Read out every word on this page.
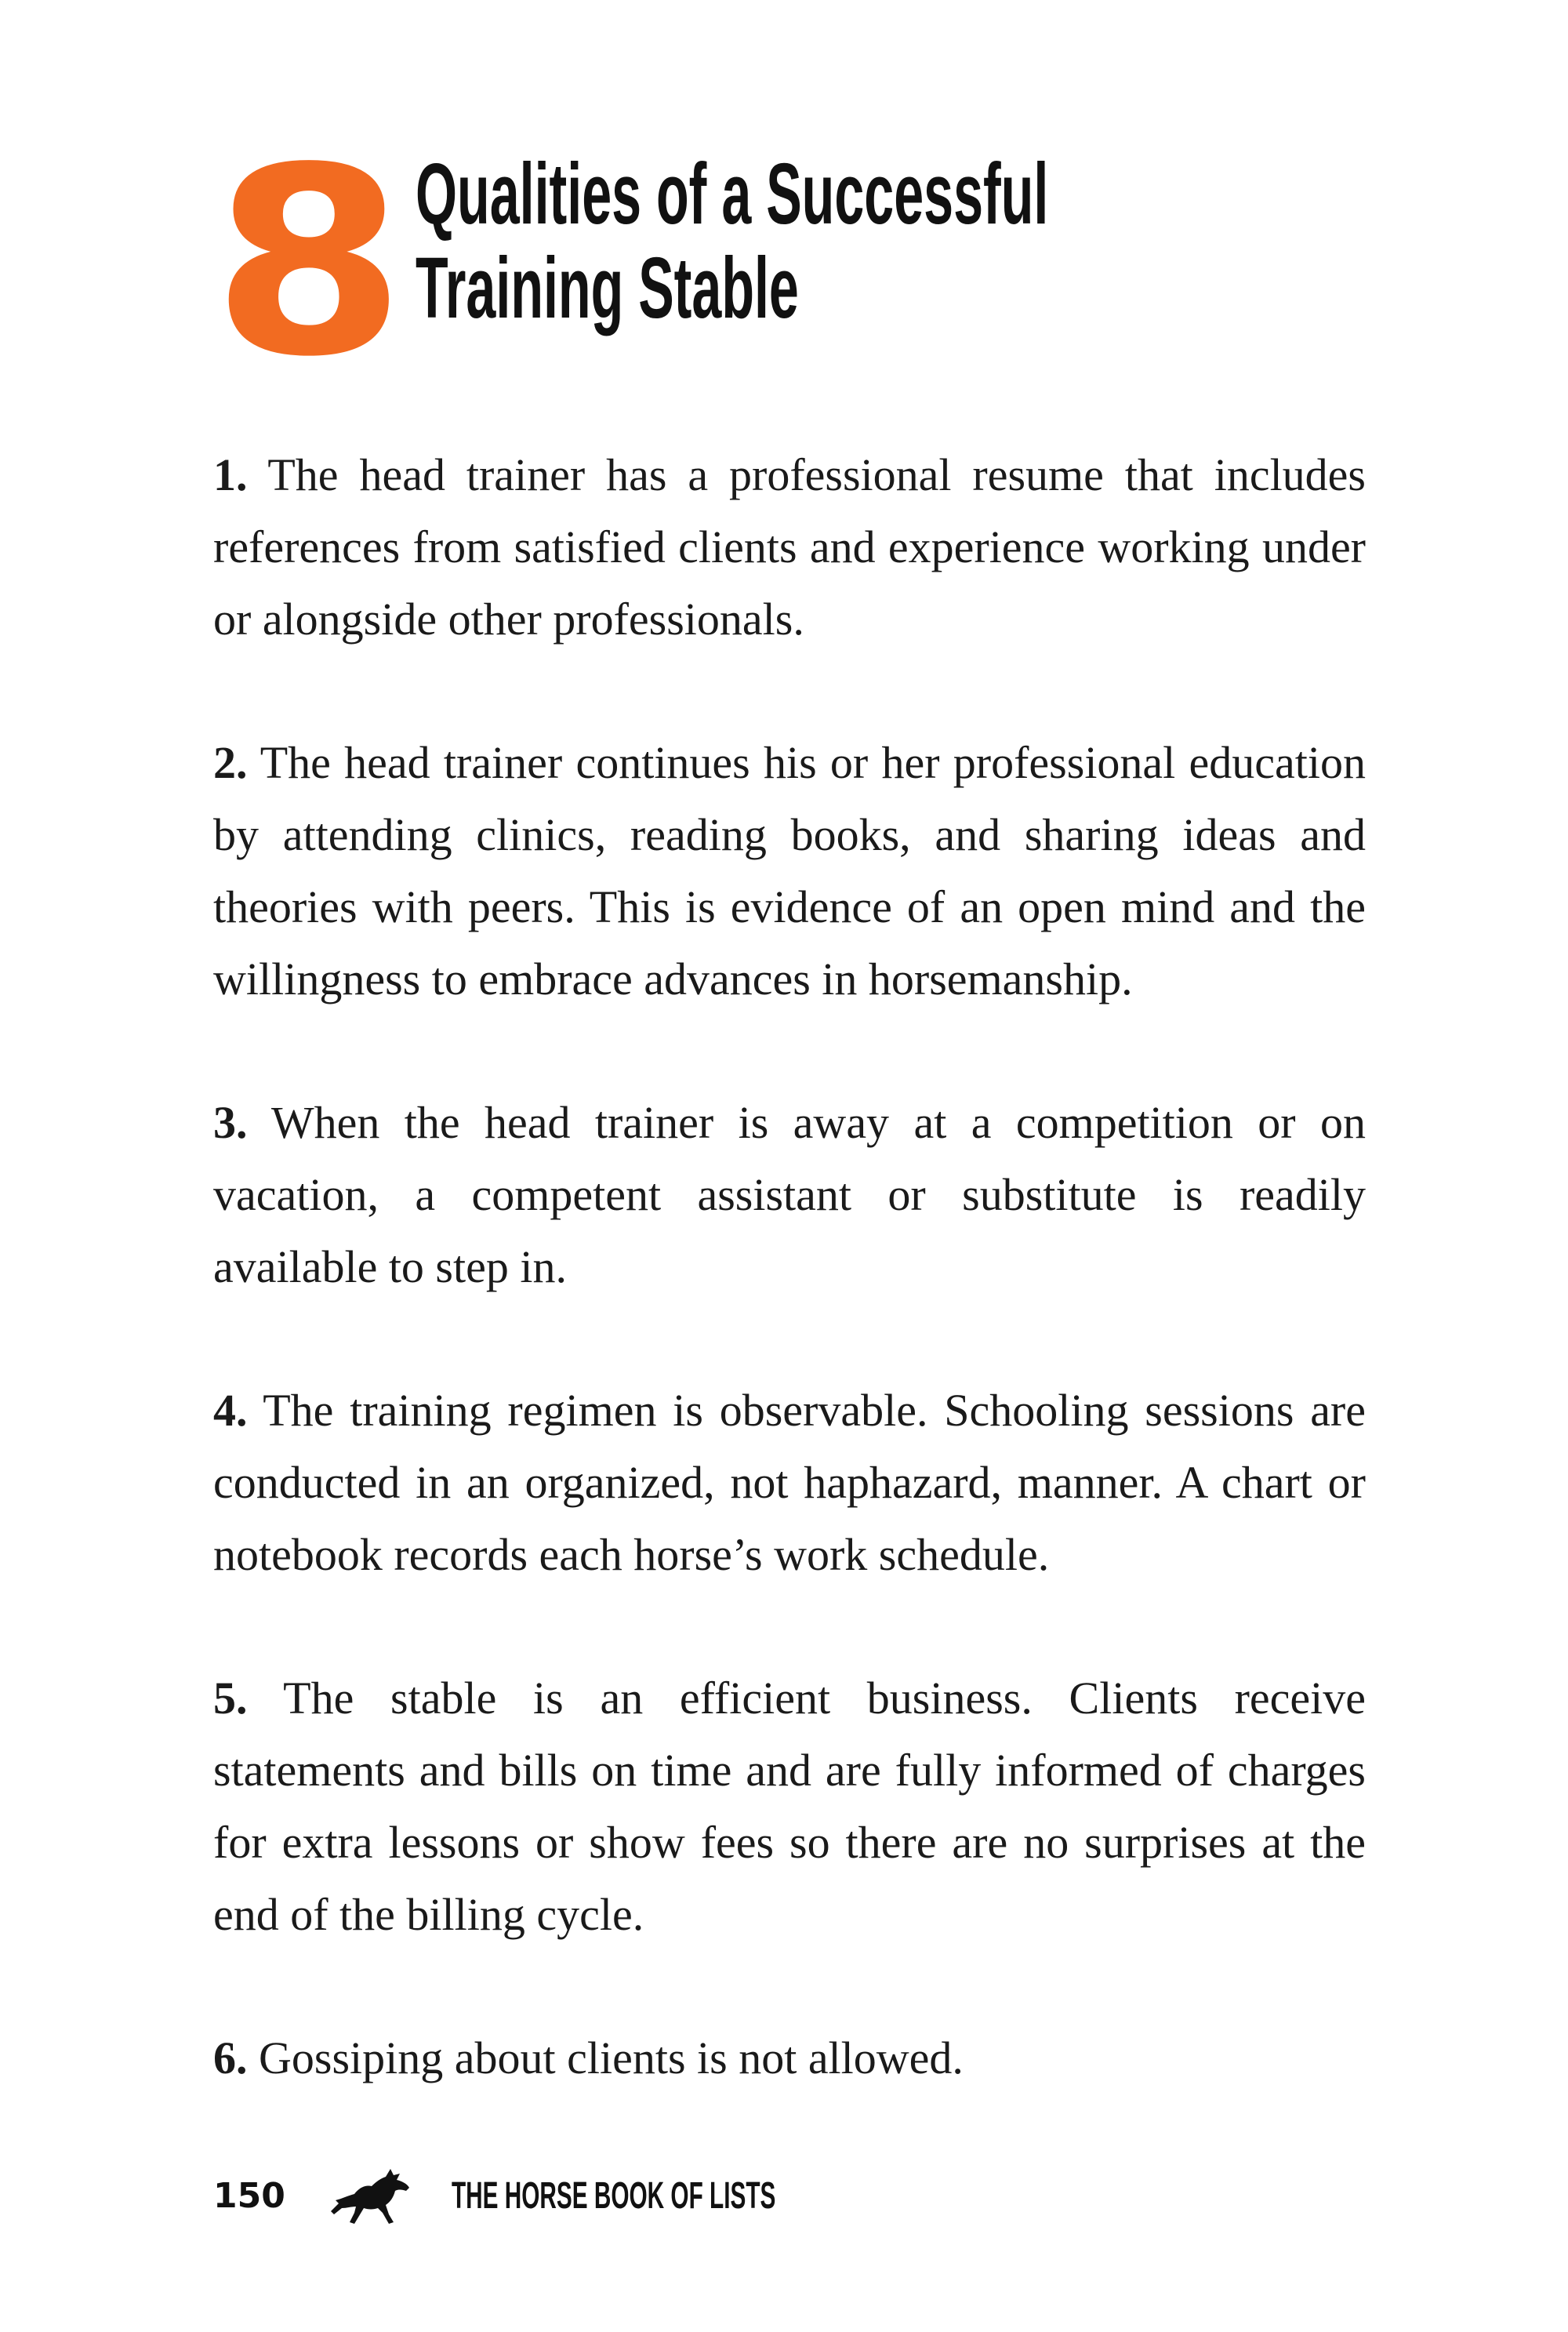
8 Qualities of a Successful
Training Stable
1. The head trainer has a professional resume that includes references from satisfied clients and experience working under or alongside other professionals.
2. The head trainer continues his or her professional education by attending clinics, reading books, and sharing ideas and theories with peers. This is evidence of an open mind and the willingness to embrace advances in horsemanship.
3. When the head trainer is away at a competition or on vacation, a competent assistant or substitute is readily available to step in.
4. The training regimen is observable. Schooling sessions are conducted in an organized, not haphazard, manner. A chart or notebook records each horse’s work schedule.
5. The stable is an efficient business. Clients receive statements and bills on time and are fully informed of charges for extra lessons or show fees so there are no surprises at the end of the billing cycle.
6. Gossiping about clients is not allowed.
150	THE HORSE BOOK OF LISTS
